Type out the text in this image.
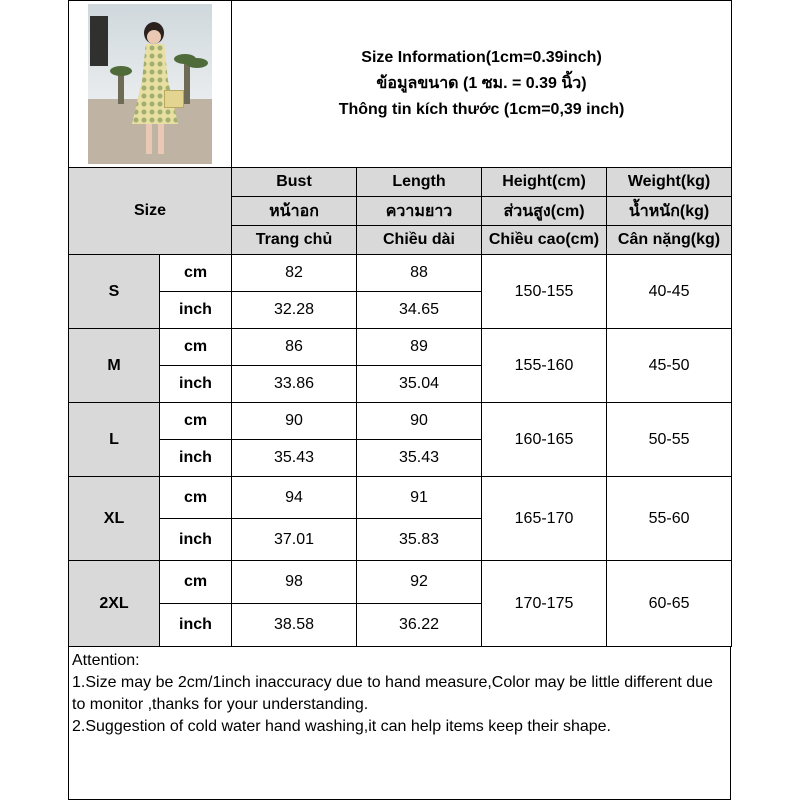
		Size Information(1cm=0.39inch)
ข้อมูลขนาด (1 ซม. = 0.39 นิ้ว)
Thông tin kích thước (1cm=0,39 inch)			

Size		Bust	Length	Height(cm)	Weight(kg)
		หน้าอก	ความยาว	ส่วนสูง(cm)	น้ำหนัก(kg)
		Trang chủ	Chiều dài	Chiều cao(cm)	Cân nặng(kg)
S	cm	82	88	150-155	40-45
	inch	32.28	34.65		
M	cm	86	89	155-160	45-50
	inch	33.86	35.04		
L	cm	90	90	160-165	50-55
	inch	35.43	35.43		
XL	cm	94	91	165-170	55-60
	inch	37.01	35.83		
2XL	cm	98	92	170-175	60-65
	inch	38.58	36.22		
Attention:
1.Size may be 2cm/1inch inaccuracy due to hand measure,Color may be little different due to monitor ,thanks for your understanding.
2.Suggestion of cold water hand washing,it can help items keep their shape.
